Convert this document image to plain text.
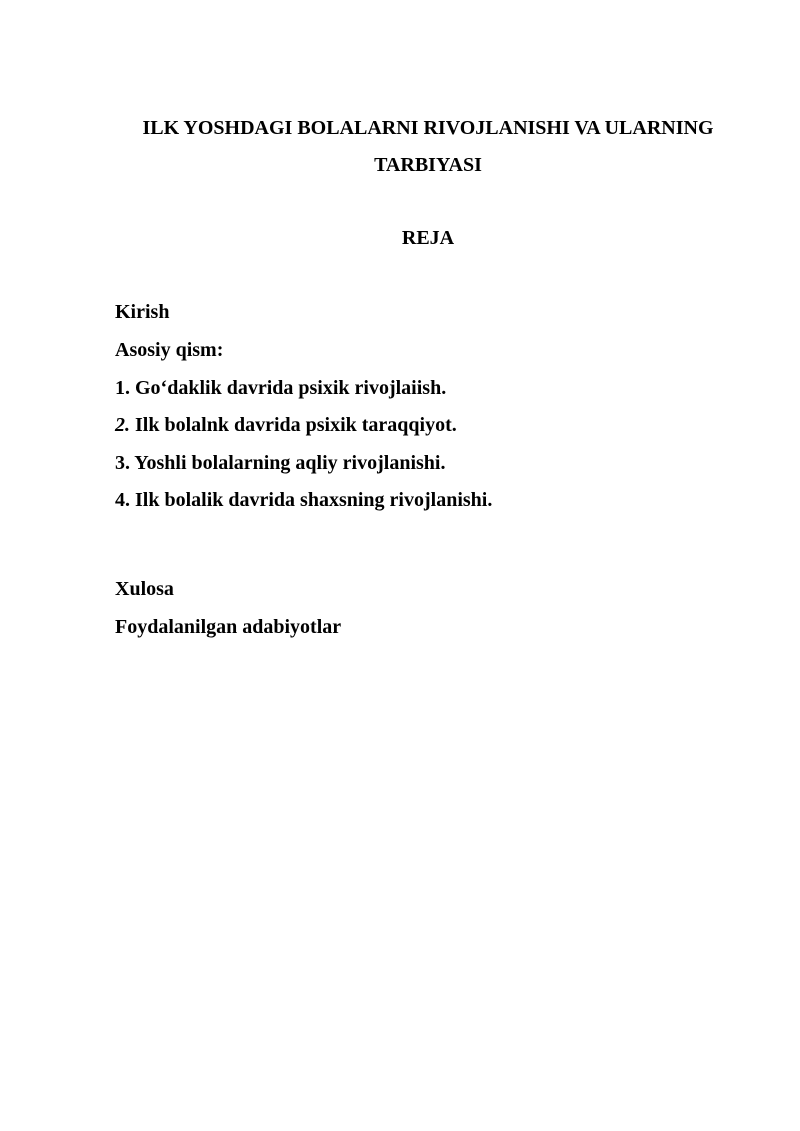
ILK YOSHDAGI BOLALARNI RIVOJLANISHI VA ULARNING TARBIYASI

REJA

Kirish

Asosiy qism:

1. Go‘daklik davrida psixik rivojlaiish.

2. Ilk bolalnk davrida psixik taraqqiyot.

3. Yoshli bolalarning aqliy rivojlanishi.

4. Ilk bolalik davrida shaxsning rivojlanishi.

Xulosa

Foydalanilgan adabiyotlar
